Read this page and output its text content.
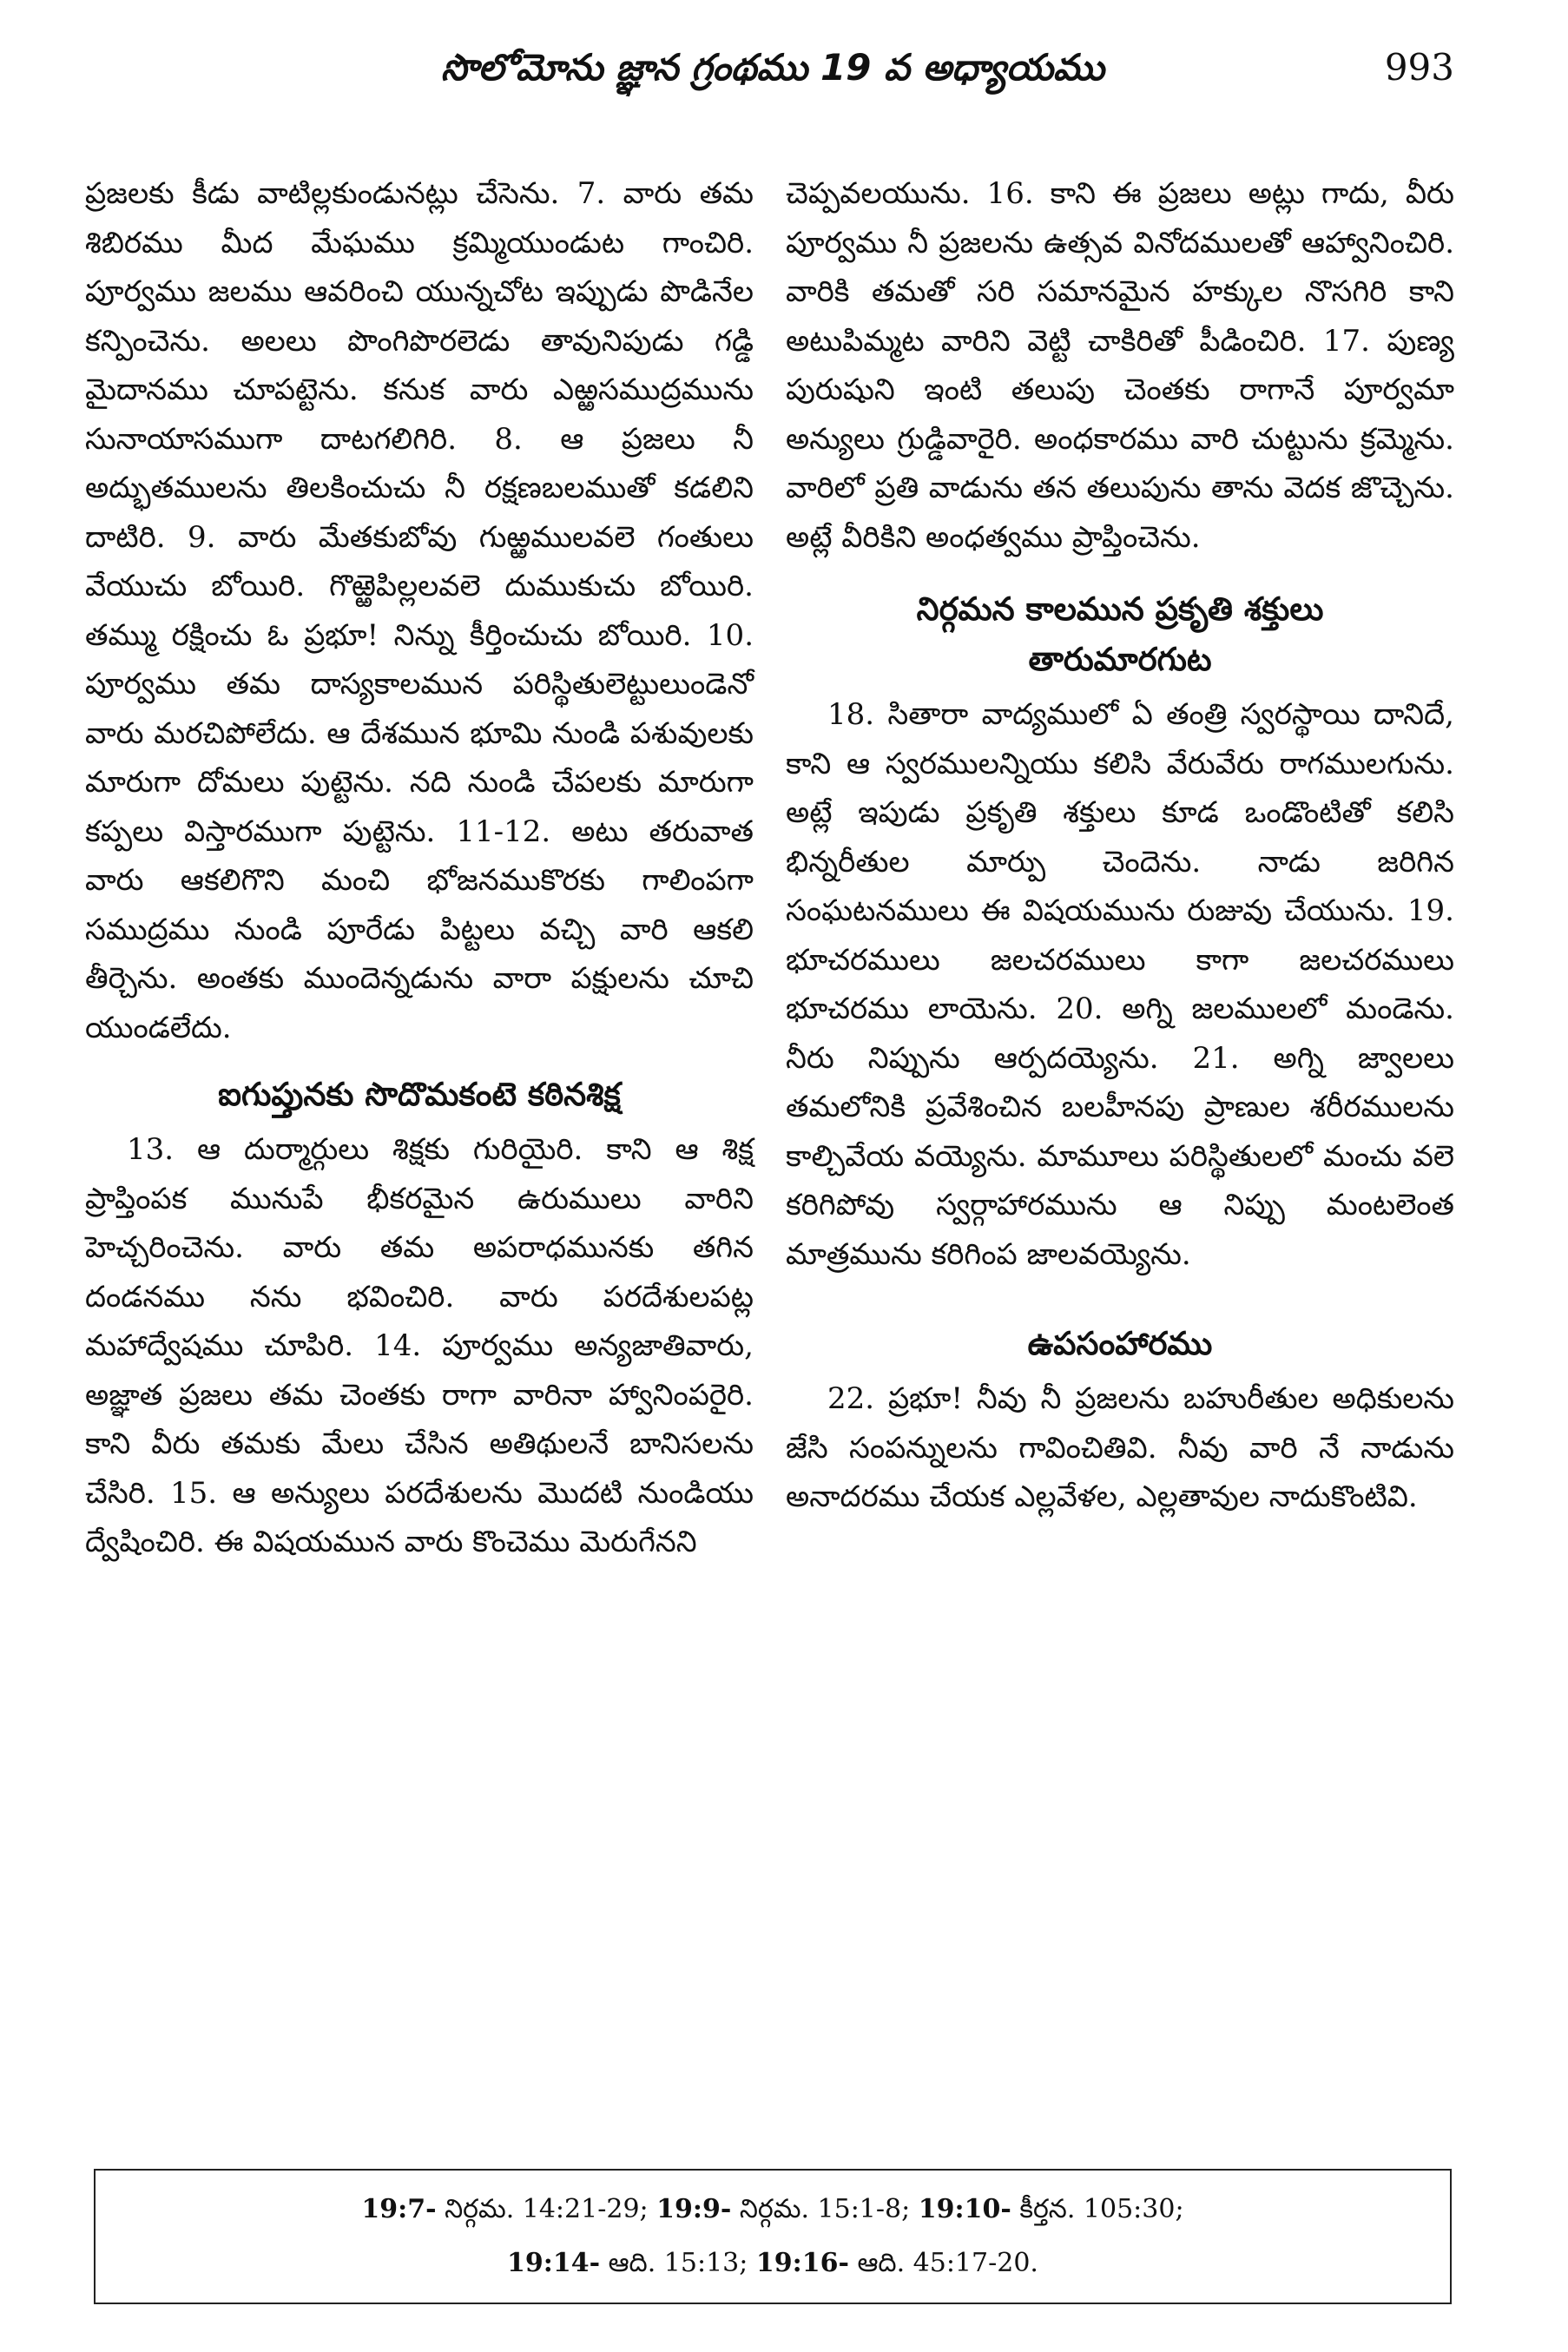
సొలోమోను జ్ఞాన గ్రంథము 19 వ అధ్యాయము	993

ప్రజలకు కీడు వాటిల్లకుండునట్లు చేసెను. 7. వారు తమ శిబిరము మీద మేఘము క్రమ్మియుండుట గాంచిరి. పూర్వము జలము ఆవరించి యున్నచోట ఇప్పుడు పొడినేల కన్పించెను. అలలు పొంగిపొరలెడు తావునిపుడు గడ్డి మైదానము చూపట్టెను. కనుక వారు ఎఱ్ఱసముద్రమును సునాయాసముగా దాటగలిగిరి. 8. ఆ ప్రజలు నీ అద్భుతములను తిలకించుచు నీ రక్షణబలముతో కడలిని దాటిరి. 9. వారు మేతకుబోవు గుఱ్ఱములవలె గంతులు వేయుచు బోయిరి. గొఱ్ఱెపిల్లలవలె దుముకుచు బోయిరి. తమ్ము రక్షించు ఓ ప్రభూ! నిన్ను కీర్తించుచు బోయిరి. 10. పూర్వము తమ దాస్యకాలమున పరిస్థితులెట్టులుండెనో వారు మరచిపోలేదు. ఆ దేశమున భూమి నుండి పశువులకు మారుగా దోమలు పుట్టెను. నది నుండి చేపలకు మారుగా కప్పలు విస్తారముగా పుట్టెను. 11-12. అటు తరువాత వారు ఆకలిగొని మంచి భోజనముకొరకు గాలింపగా సముద్రము నుండి పూరేడు పిట్టలు వచ్చి వారి ఆకలి తీర్చెను. అంతకు ముందెన్నడును వారా పక్షులను చూచి యుండలేదు.

ఐగుప్తునకు సొదొమకంటె కఠినశిక్ష

13. ఆ దుర్మార్గులు శిక్షకు గురియైరి. కాని ఆ శిక్ష ప్రాప్తింపక మునుపే భీకరమైన ఉరుములు వారిని హెచ్చరించెను. వారు తమ అపరాధమునకు తగిన దండనము నను భవించిరి. వారు పరదేశులపట్ల మహాద్వేషము చూపిరి. 14. పూర్వము అన్యజాతివారు, అజ్ఞాత ప్రజలు తమ చెంతకు రాగా వారినా హ్వానింపరైరి. కాని వీరు తమకు మేలు చేసిన అతిథులనే బానిసలను చేసిరి. 15. ఆ అన్యులు పరదేశులను మొదటి నుండియు ద్వేషించిరి. ఈ విషయమున వారు కొంచెము మెరుగేనని

చెప్పవలయును. 16. కాని ఈ ప్రజలు అట్లు గాదు, వీరు పూర్వము నీ ప్రజలను ఉత్సవ వినోదములతో ఆహ్వానించిరి. వారికి తమతో సరి సమానమైన హక్కుల నొసగిరి కాని అటుపిమ్మట వారిని వెట్టి చాకిరితో పీడించిరి. 17. పుణ్య పురుషుని ఇంటి తలుపు చెంతకు రాగానే పూర్వమా అన్యులు గ్రుడ్డివారైరి. అంధకారము వారి చుట్టును క్రమ్మెను. వారిలో ప్రతి వాడును తన తలుపును తాను వెదక జొచ్చెను. అట్లే వీరికిని అంధత్వము ప్రాప్తించెను.

నిర్గమన కాలమున ప్రకృతి శక్తులు
తారుమారగుట

18. సితారా వాద్యములో ఏ తంత్రి స్వరస్థాయి దానిదే, కాని ఆ స్వరములన్నియు కలిసి వేరువేరు రాగములగును. అట్లే ఇపుడు ప్రకృతి శక్తులు కూడ ఒండొంటితో కలిసి భిన్నరీతుల మార్పు చెందెను. నాడు జరిగిన సంఘటనములు ఈ విషయమును రుజువు చేయును. 19. భూచరములు జలచరములు కాగా జలచరములు భూచరము లాయెను. 20. అగ్ని జలములలో మండెను. నీరు నిప్పును ఆర్పదయ్యెను. 21. అగ్ని జ్వాలలు తమలోనికి ప్రవేశించిన బలహీనపు ప్రాణుల శరీరములను కాల్చివేయ వయ్యెను. మామూలు పరిస్థితులలో మంచు వలె కరిగిపోవు స్వర్గాహారమును ఆ నిప్పు మంటలెంత మాత్రమును కరిగింప జాలవయ్యెను.

ఉపసంహారము

22. ప్రభూ! నీవు నీ ప్రజలను బహురీతుల అధికులను జేసి సంపన్నులను గావించితివి. నీవు వారి నే నాడును అనాదరము చేయక ఎల్లవేళల, ఎల్లతావుల నాదుకొంటివి.

19:7- నిర్గమ. 14:21-29; 19:9- నిర్గమ. 15:1-8; 19:10- కీర్తన. 105:30;
19:14- ఆది. 15:13; 19:16- ఆది. 45:17-20.
